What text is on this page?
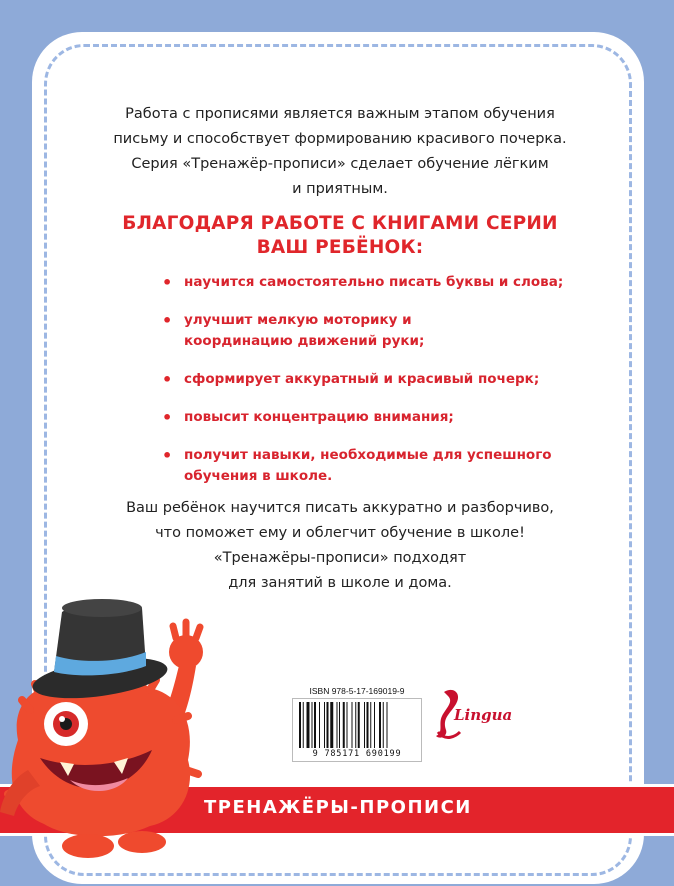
Работа с прописями является важным этапом обучения

письму и способствует формированию красивого почерка.

Серия «Тренажёр-прописи» сделает обучение лёгким

и приятным.

БЛАГОДАРЯ РАБОТЕ С КНИГАМИ СЕРИИ

ВАШ РЕБЁНОК:

• научится самостоятельно писать буквы и слова;
• улучшит мелкую моторику и координацию движений руки;
• сформирует аккуратный и красивый почерк;
• повысит концентрацию внимания;
• получит навыки, необходимые для успешного обучения в школе.

Ваш ребёнок научится писать аккуратно и разборчиво,

что поможет ему и облегчит обучение в школе!

«Тренажёры-прописи» подходят

для занятий в школе и дома.

ISBN 978-5-17-169019-9
9 785171 690199
Lingua
ТРЕНАЖЁРЫ-ПРОПИСИ
